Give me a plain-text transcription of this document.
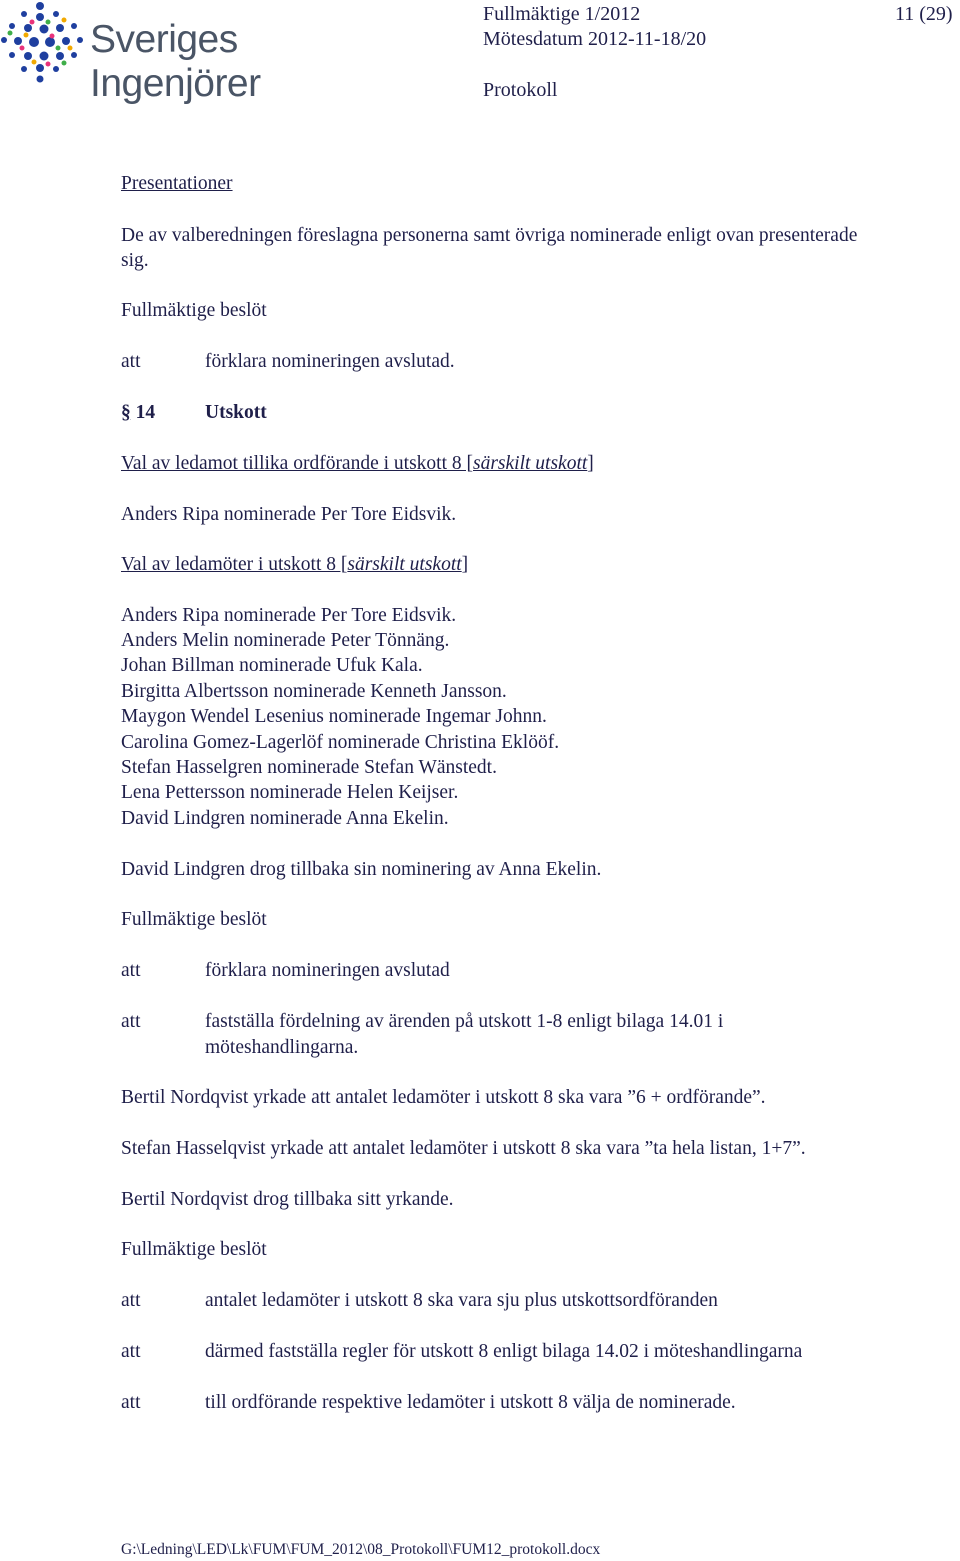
Sveriges Ingenjörer
Fullmäktige 1/2012	11 (29)
Mötesdatum 2012-11-18/20
Protokoll
Presentationer
De av valberedningen föreslagna personerna samt övriga nominerade enligt ovan presenterade
sig.
Fullmäktige beslöt
att	förklara nomineringen avslutad.
§ 14	Utskott
Val av ledamot tillika ordförande i utskott 8 [särskilt utskott]
Anders Ripa nominerade Per Tore Eidsvik.
Val av ledamöter i utskott 8 [särskilt utskott]
Anders Ripa nominerade Per Tore Eidsvik.
Anders Melin nominerade Peter Tönnäng.
Johan Billman nominerade Ufuk Kala.
Birgitta Albertsson nominerade Kenneth Jansson.
Maygon Wendel Lesenius nominerade Ingemar Johnn.
Carolina Gomez-Lagerlöf nominerade Christina Eklööf.
Stefan Hasselgren nominerade Stefan Wänstedt.
Lena Pettersson nominerade Helen Keijser.
David Lindgren nominerade Anna Ekelin.
David Lindgren drog tillbaka sin nominering av Anna Ekelin.
Fullmäktige beslöt
att	förklara nomineringen avslutad
att	fastställa fördelning av ärenden på utskott 1-8 enligt bilaga 14.01 i
möteshandlingarna.
Bertil Nordqvist yrkade att antalet ledamöter i utskott 8 ska vara ”6 + ordförande”.
Stefan Hasselqvist yrkade att antalet ledamöter i utskott 8 ska vara ”ta hela listan, 1+7”.
Bertil Nordqvist drog tillbaka sitt yrkande.
Fullmäktige beslöt
att	antalet ledamöter i utskott 8 ska vara sju plus utskottsordföranden
att	därmed fastställa regler för utskott 8 enligt bilaga 14.02 i möteshandlingarna
att	till ordförande respektive ledamöter i utskott 8 välja de nominerade.
G:\Ledning\LED\Lk\FUM\FUM_2012\08_Protokoll\FUM12_protokoll.docx
